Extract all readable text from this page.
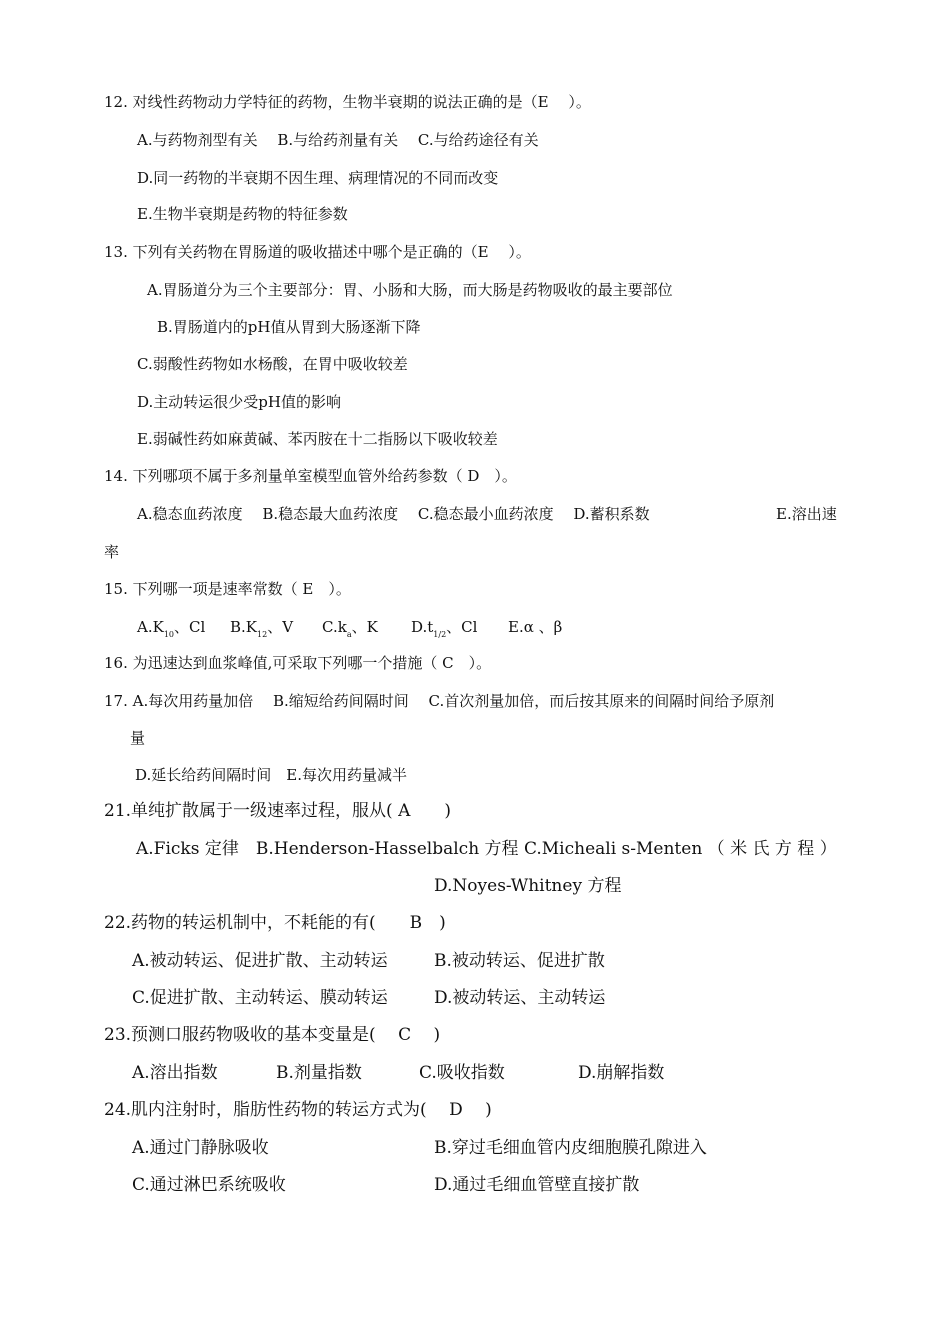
12. 对线性药物动力学特征的药物，生物半衰期的说法正确的是（E　 ）。
A.与药物剂型有关　 B.与给药剂量有关　 C.与给药途径有关
D.同一药物的半衰期不因生理、病理情况的不同而改变
E.生物半衰期是药物的特征参数
13. 下列有关药物在胃肠道的吸收描述中哪个是正确的（E　 ）。
A.胃肠道分为三个主要部分：胃、小肠和大肠，而大肠是药物吸收的最主要部位
B.胃肠道内的pH值从胃到大肠逐渐下降
C.弱酸性药物如水杨酸，在胃中吸收较差
D.主动转运很少受pH值的影响
E.弱碱性药如麻黄碱、苯丙胺在十二指肠以下吸收较差
14. 下列哪项不属于多剂量单室模型血管外给药参数（ D　）。
A.稳态血药浓度　 B.稳态最大血药浓度　 C.稳态最小血药浓度　 D.蓄积系数	E.溶出速
率
15. 下列哪一项是速率常数（ E　）。
$A.K_{10}$、Cl $B.K_{12}$、V $C.k_a$、K $D.t_{1/2}$、Cl E.α 、β
16. 为迅速达到血浆峰值,可采取下列哪一个措施（ C　）。
17. A.每次用药量加倍　 B.缩短给药间隔时间　 C.首次剂量加倍，而后按其原来的间隔时间给予原剂
量
D.延长给药间隔时间　E.每次用药量减半
21.单纯扩散属于一级速率过程，服从( A　　)
A.Ficks 定律　B.Henderson-Hasselbalch 方程 C.Micheali s-Menten （ 米 氏 方 程 ）
D.Noyes-Whitney 方程
22.药物的转运机制中，不耗能的有(　　B　)
A.被动转运、促进扩散、主动转运	B.被动转运、促进扩散
C.促进扩散、主动转运、膜动转运	D.被动转运、主动转运
23.预测口服药物吸收的基本变量是(　 C　 )
A.溶出指数	B.剂量指数	C.吸收指数	D.崩解指数
24.肌内注射时，脂肪性药物的转运方式为(　 D　 )
A.通过门静脉吸收	B.穿过毛细血管内皮细胞膜孔隙进入
C.通过淋巴系统吸收	D.通过毛细血管壁直接扩散
